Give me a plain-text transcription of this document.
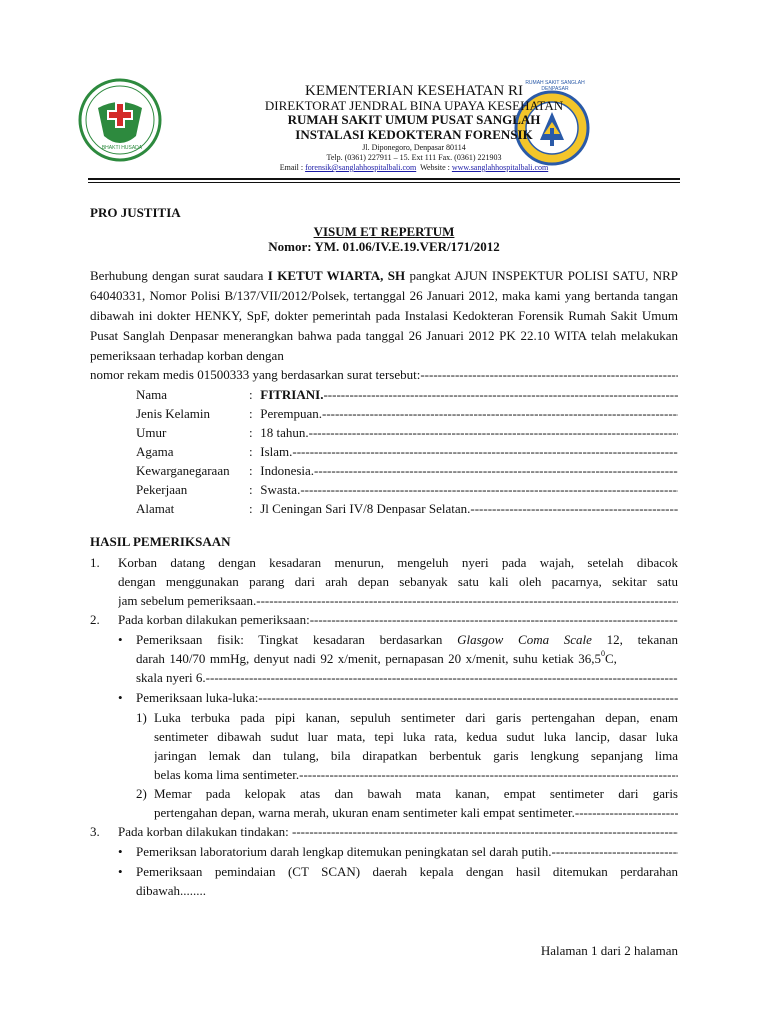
BHAKTI HUSADA
RUMAH SAKIT SANGLAH DENPASAR
KEMENTERIAN KESEHATAN RI
DIREKTORAT JENDRAL BINA UPAYA KESEHATAN
RUMAH SAKIT UMUM PUSAT SANGLAH
INSTALASI KEDOKTERAN FORENSIK
Jl. Diponegoro, Denpasar 80114
Telp. (0361) 227911 – 15. Ext 111 Fax. (0361) 221903
Email : forensik@sanglahhospitalbali.com  Website : www.sanglahhospitalbali.com
PRO JUSTITIA
VISUM ET REPERTUM
Nomor: YM. 01.06/IV.E.19.VER/171/2012
Berhubung dengan surat saudara I KETUT WIARTA, SH pangkat AJUN INSPEKTUR POLISI SATU, NRP 64040331, Nomor Polisi B/137/VII/2012/Polsek, tertanggal 26 Januari 2012, maka kami yang bertanda tangan dibawah ini dokter HENKY, SpF, dokter pemerintah pada Instalasi Kedokteran Forensik Rumah Sakit Umum Pusat Sanglah Denpasar menerangkan bahwa pada tanggal 26 Januari 2012 PK 22.10 WITA telah melakukan pemeriksaan terhadap korban dengan
nomor rekam medis 01500333 yang berdasarkan surat tersebut: -----
Nama	: FITRIANI. -----
Jenis Kelamin	: Perempuan. -----
Umur	: 18 tahun. -----
Agama	: Islam. -----
Kewarganegaraan : Indonesia. -----
Pekerjaan	: Swasta. -----
Alamat	: Jl Ceningan Sari IV/8 Denpasar Selatan. -----
HASIL PEMERIKSAAN
1. Korban datang dengan kesadaran menurun, mengeluh nyeri pada wajah, setelah dibacok
dengan menggunakan parang dari arah depan sebanyak satu kali oleh pacarnya, sekitar satu
jam sebelum pemeriksaan. -----
2. Pada korban dilakukan pemeriksaan: -----
• Pemeriksaan fisik: Tingkat kesadaran berdasarkan Glasgow Coma Scale 12, tekanan
darah 140/70 mmHg, denyut nadi 92 x/menit, pernapasan 20 x/menit, suhu ketiak 36,5$^0$C,
skala nyeri 6. -----
• Pemeriksaan luka-luka: -----
1) Luka terbuka pada pipi kanan, sepuluh sentimeter dari garis pertengahan depan, enam
sentimeter dibawah sudut luar mata, tepi luka rata, kedua sudut luka lancip, dasar luka
jaringan lemak dan tulang, bila dirapatkan berbentuk garis lengkung sepanjang lima
belas koma lima sentimeter. -----
2) Memar pada kelopak atas dan bawah mata kanan, empat sentimeter dari garis
pertengahan depan, warna merah, ukuran enam sentimeter kali empat sentimeter. -----
3. Pada korban dilakukan tindakan:  -----
• Pemeriksan laboratorium darah lengkap ditemukan peningkatan sel darah putih. -----
• Pemeriksaan pemindaian (CT SCAN) daerah kepala dengan hasil ditemukan perdarahan
dibawah........
Halaman 1 dari 2 halaman
